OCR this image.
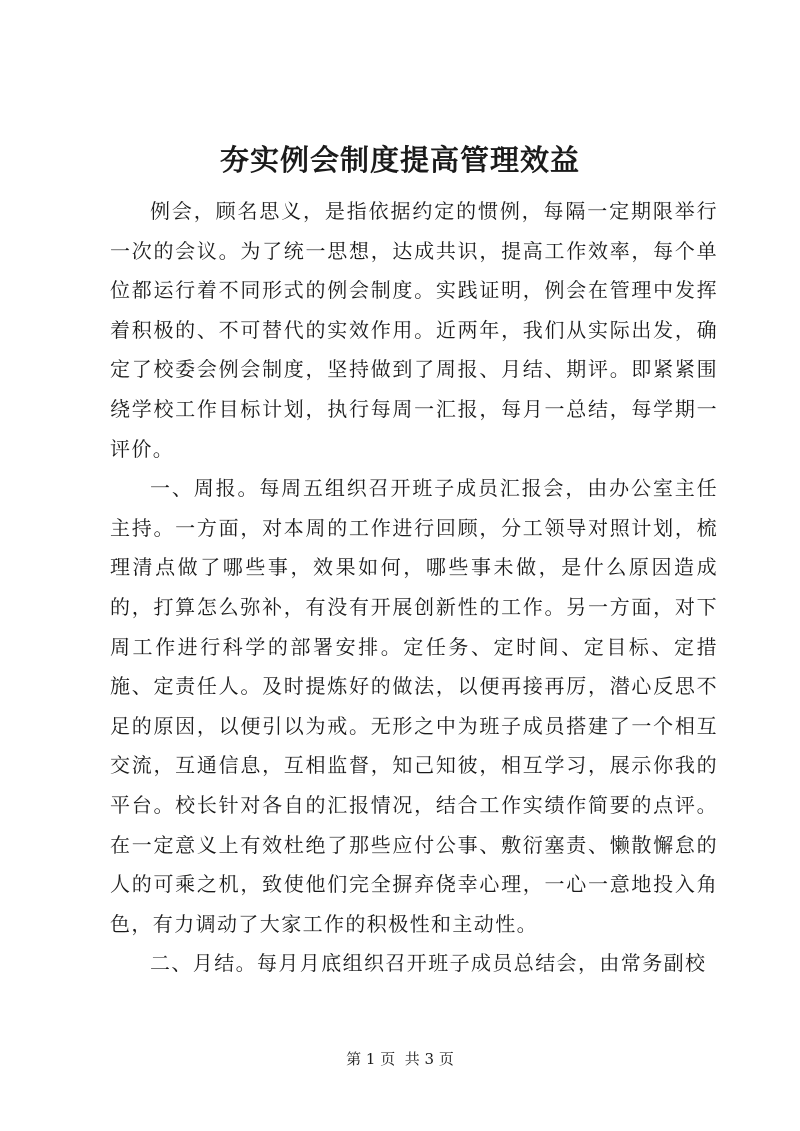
夯实例会制度提高管理效益

例会，顾名思义，是指依据约定的惯例，每隔一定期限举行一次的会议。为了统一思想，达成共识，提高工作效率，每个单位都运行着不同形式的例会制度。实践证明，例会在管理中发挥着积极的、不可替代的实效作用。近两年，我们从实际出发，确定了校委会例会制度，坚持做到了周报、月结、期评。即紧紧围绕学校工作目标计划，执行每周一汇报，每月一总结，每学期一评价。

一、周报。每周五组织召开班子成员汇报会，由办公室主任主持。一方面，对本周的工作进行回顾，分工领导对照计划，梳理清点做了哪些事，效果如何，哪些事未做，是什么原因造成的，打算怎么弥补，有没有开展创新性的工作。另一方面，对下周工作进行科学的部署安排。定任务、定时间、定目标、定措施、定责任人。及时提炼好的做法，以便再接再厉，潜心反思不足的原因，以便引以为戒。无形之中为班子成员搭建了一个相互交流，互通信息，互相监督，知己知彼，相互学习，展示你我的平台。校长针对各自的汇报情况，结合工作实绩作简要的点评。在一定意义上有效杜绝了那些应付公事、敷衍塞责、懒散懈怠的人的可乘之机，致使他们完全摒弃侥幸心理，一心一意地投入角色，有力调动了大家工作的积极性和主动性。

二、月结。每月月底组织召开班子成员总结会，由常务副校

第 1 页  共 3 页
